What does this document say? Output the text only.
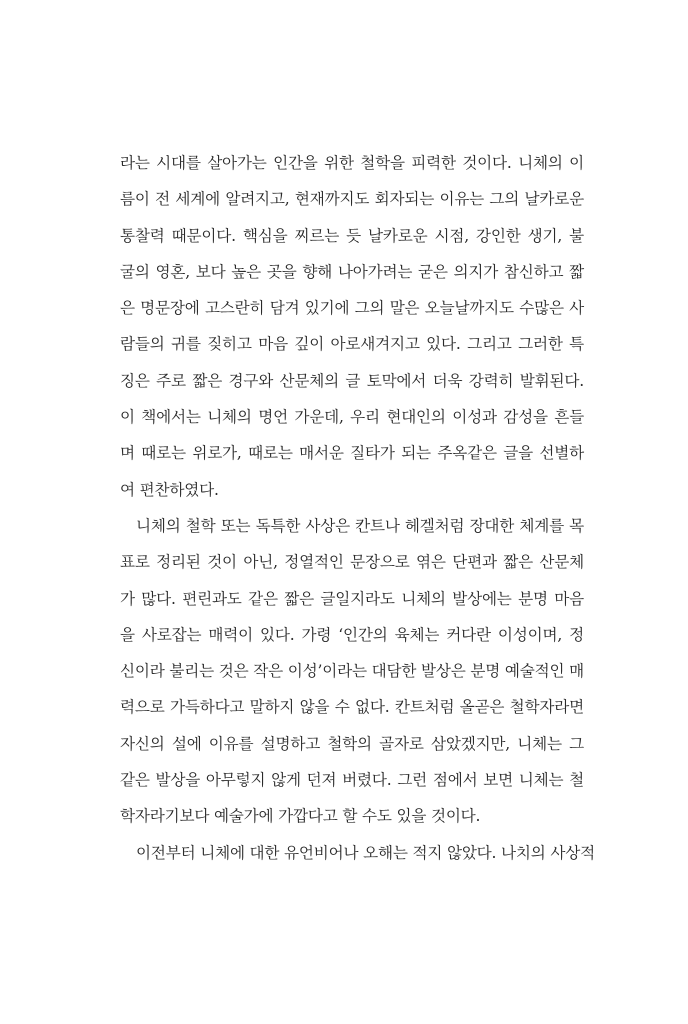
라는 시대를 살아가는 인간을 위한 철학을 피력한 것이다. 니체의 이
름이 전 세계에 알려지고, 현재까지도 회자되는 이유는 그의 날카로운
통찰력 때문이다. 핵심을 찌르는 듯 날카로운 시점, 강인한 생기, 불
굴의 영혼, 보다 높은 곳을 향해 나아가려는 굳은 의지가 참신하고 짧
은 명문장에 고스란히 담겨 있기에 그의 말은 오늘날까지도 수많은 사
람들의 귀를 짖히고 마음 깊이 아로새겨지고 있다. 그리고 그러한 특
징은 주로 짧은 경구와 산문체의 글 토막에서 더욱 강력히 발휘된다.
이 책에서는 니체의 명언 가운데, 우리 현대인의 이성과 감성을 흔들
며 때로는 위로가, 때로는 매서운 질타가 되는 주옥같은 글을 선별하
여 편찬하였다.
니체의 철학 또는 독특한 사상은 칸트나 헤겔처럼 장대한 체계를 목
표로 정리된 것이 아닌, 정열적인 문장으로 엮은 단편과 짧은 산문체
가 많다. 편린과도 같은 짧은 글일지라도 니체의 발상에는 분명 마음
을 사로잡는 매력이 있다. 가령 ‘인간의 육체는 커다란 이성이며, 정
신이라 불리는 것은 작은 이성’이라는 대담한 발상은 분명 예술적인 매
력으로 가득하다고 말하지 않을 수 없다. 칸트처럼 올곧은 철학자라면
자신의 설에 이유를 설명하고 철학의 골자로 삼았겠지만, 니체는 그
같은 발상을 아무렇지 않게 던져 버렸다. 그런 점에서 보면 니체는 철
학자라기보다 예술가에 가깝다고 할 수도 있을 것이다.
이전부터 니체에 대한 유언비어나 오해는 적지 않았다. 나치의 사상적
